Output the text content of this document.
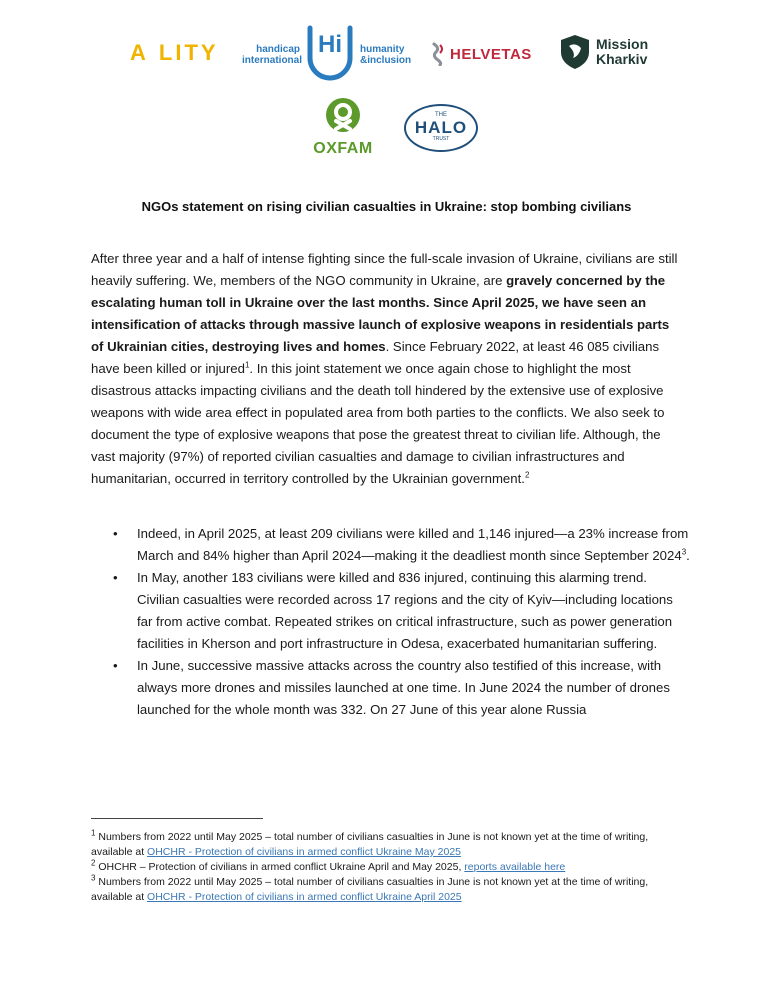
A LITY	handicap
international
Hi humanity
&inclusion	HELVETAS
Mission
Kharkiv
OXFAM
THE
HALO
TRUST
NGOs statement on rising civilian casualties in Ukraine: stop bombing civilians

After three year and a half of intense fighting since the full-scale invasion of Ukraine, civilians are still heavily suffering. We, members of the NGO community in Ukraine, are gravely concerned by the escalating human toll in Ukraine over the last months. Since April 2025, we have seen an intensification of attacks through massive launch of explosive weapons in residentials parts of Ukrainian cities, destroying lives and homes. Since February 2022, at least 46 085 civilians have been killed or injured$^1$. In this joint statement we once again chose to highlight the most disastrous attacks impacting civilians and the death toll hindered by the extensive use of explosive weapons with wide area effect in populated area from both parties to the conflicts. We also seek to document the type of explosive weapons that pose the greatest threat to civilian life. Although, the vast majority (97%) of reported civilian casualties and damage to civilian infrastructures and humanitarian, occurred in territory controlled by the Ukrainian government.$^2$

•	Indeed, in April 2025, at least 209 civilians were killed and 1,146 injured—a 23% increase from March and 84% higher than April 2024—making it the deadliest month since September 2024$^3$.
•	In May, another 183 civilians were killed and 836 injured, continuing this alarming trend. Civilian casualties were recorded across 17 regions and the city of Kyiv—including locations far from active combat. Repeated strikes on critical infrastructure, such as power generation facilities in Kherson and port infrastructure in Odesa, exacerbated humanitarian suffering.
•	In June, successive massive attacks across the country also testified of this increase, with always more drones and missiles launched at one time. In June 2024 the number of drones launched for the whole month was 332. On 27 June of this year alone Russia

$^1$ Numbers from 2022 until May 2025 – total number of civilians casualties in June is not known yet at the time of writing, available at OHCHR - Protection of civilians in armed conflict Ukraine May 2025

$^2$ OHCHR – Protection of civilians in armed conflict Ukraine April and May 2025, reports available here

$^3$ Numbers from 2022 until May 2025 – total number of civilians casualties in June is not known yet at the time of writing, available at OHCHR - Protection of civilians in armed conflict Ukraine April 2025
